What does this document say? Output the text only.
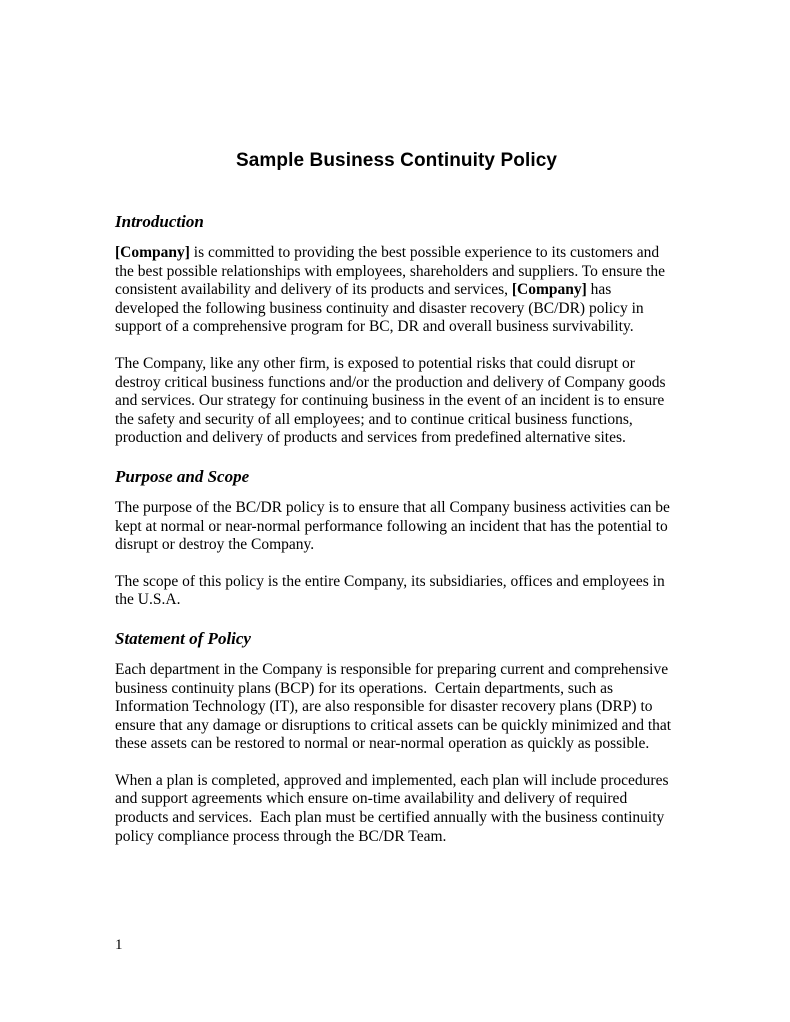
Sample Business Continuity Policy
Introduction

[Company] is committed to providing the best possible experience to its customers and the best possible relationships with employees, shareholders and suppliers. To ensure the consistent availability and delivery of its products and services, [Company] has developed the following business continuity and disaster recovery (BC/DR) policy in support of a comprehensive program for BC, DR and overall business survivability.

The Company, like any other firm, is exposed to potential risks that could disrupt or destroy critical business functions and/or the production and delivery of Company goods and services. Our strategy for continuing business in the event of an incident is to ensure the safety and security of all employees; and to continue critical business functions, production and delivery of products and services from predefined alternative sites.

Purpose and Scope

The purpose of the BC/DR policy is to ensure that all Company business activities can be kept at normal or near-normal performance following an incident that has the potential to disrupt or destroy the Company.

The scope of this policy is the entire Company, its subsidiaries, offices and employees in the U.S.A.

Statement of Policy

Each department in the Company is responsible for preparing current and comprehensive business continuity plans (BCP) for its operations.  Certain departments, such as Information Technology (IT), are also responsible for disaster recovery plans (DRP) to ensure that any damage or disruptions to critical assets can be quickly minimized and that these assets can be restored to normal or near-normal operation as quickly as possible.

When a plan is completed, approved and implemented, each plan will include procedures and support agreements which ensure on-time availability and delivery of required products and services.  Each plan must be certified annually with the business continuity policy compliance process through the BC/DR Team.

1
